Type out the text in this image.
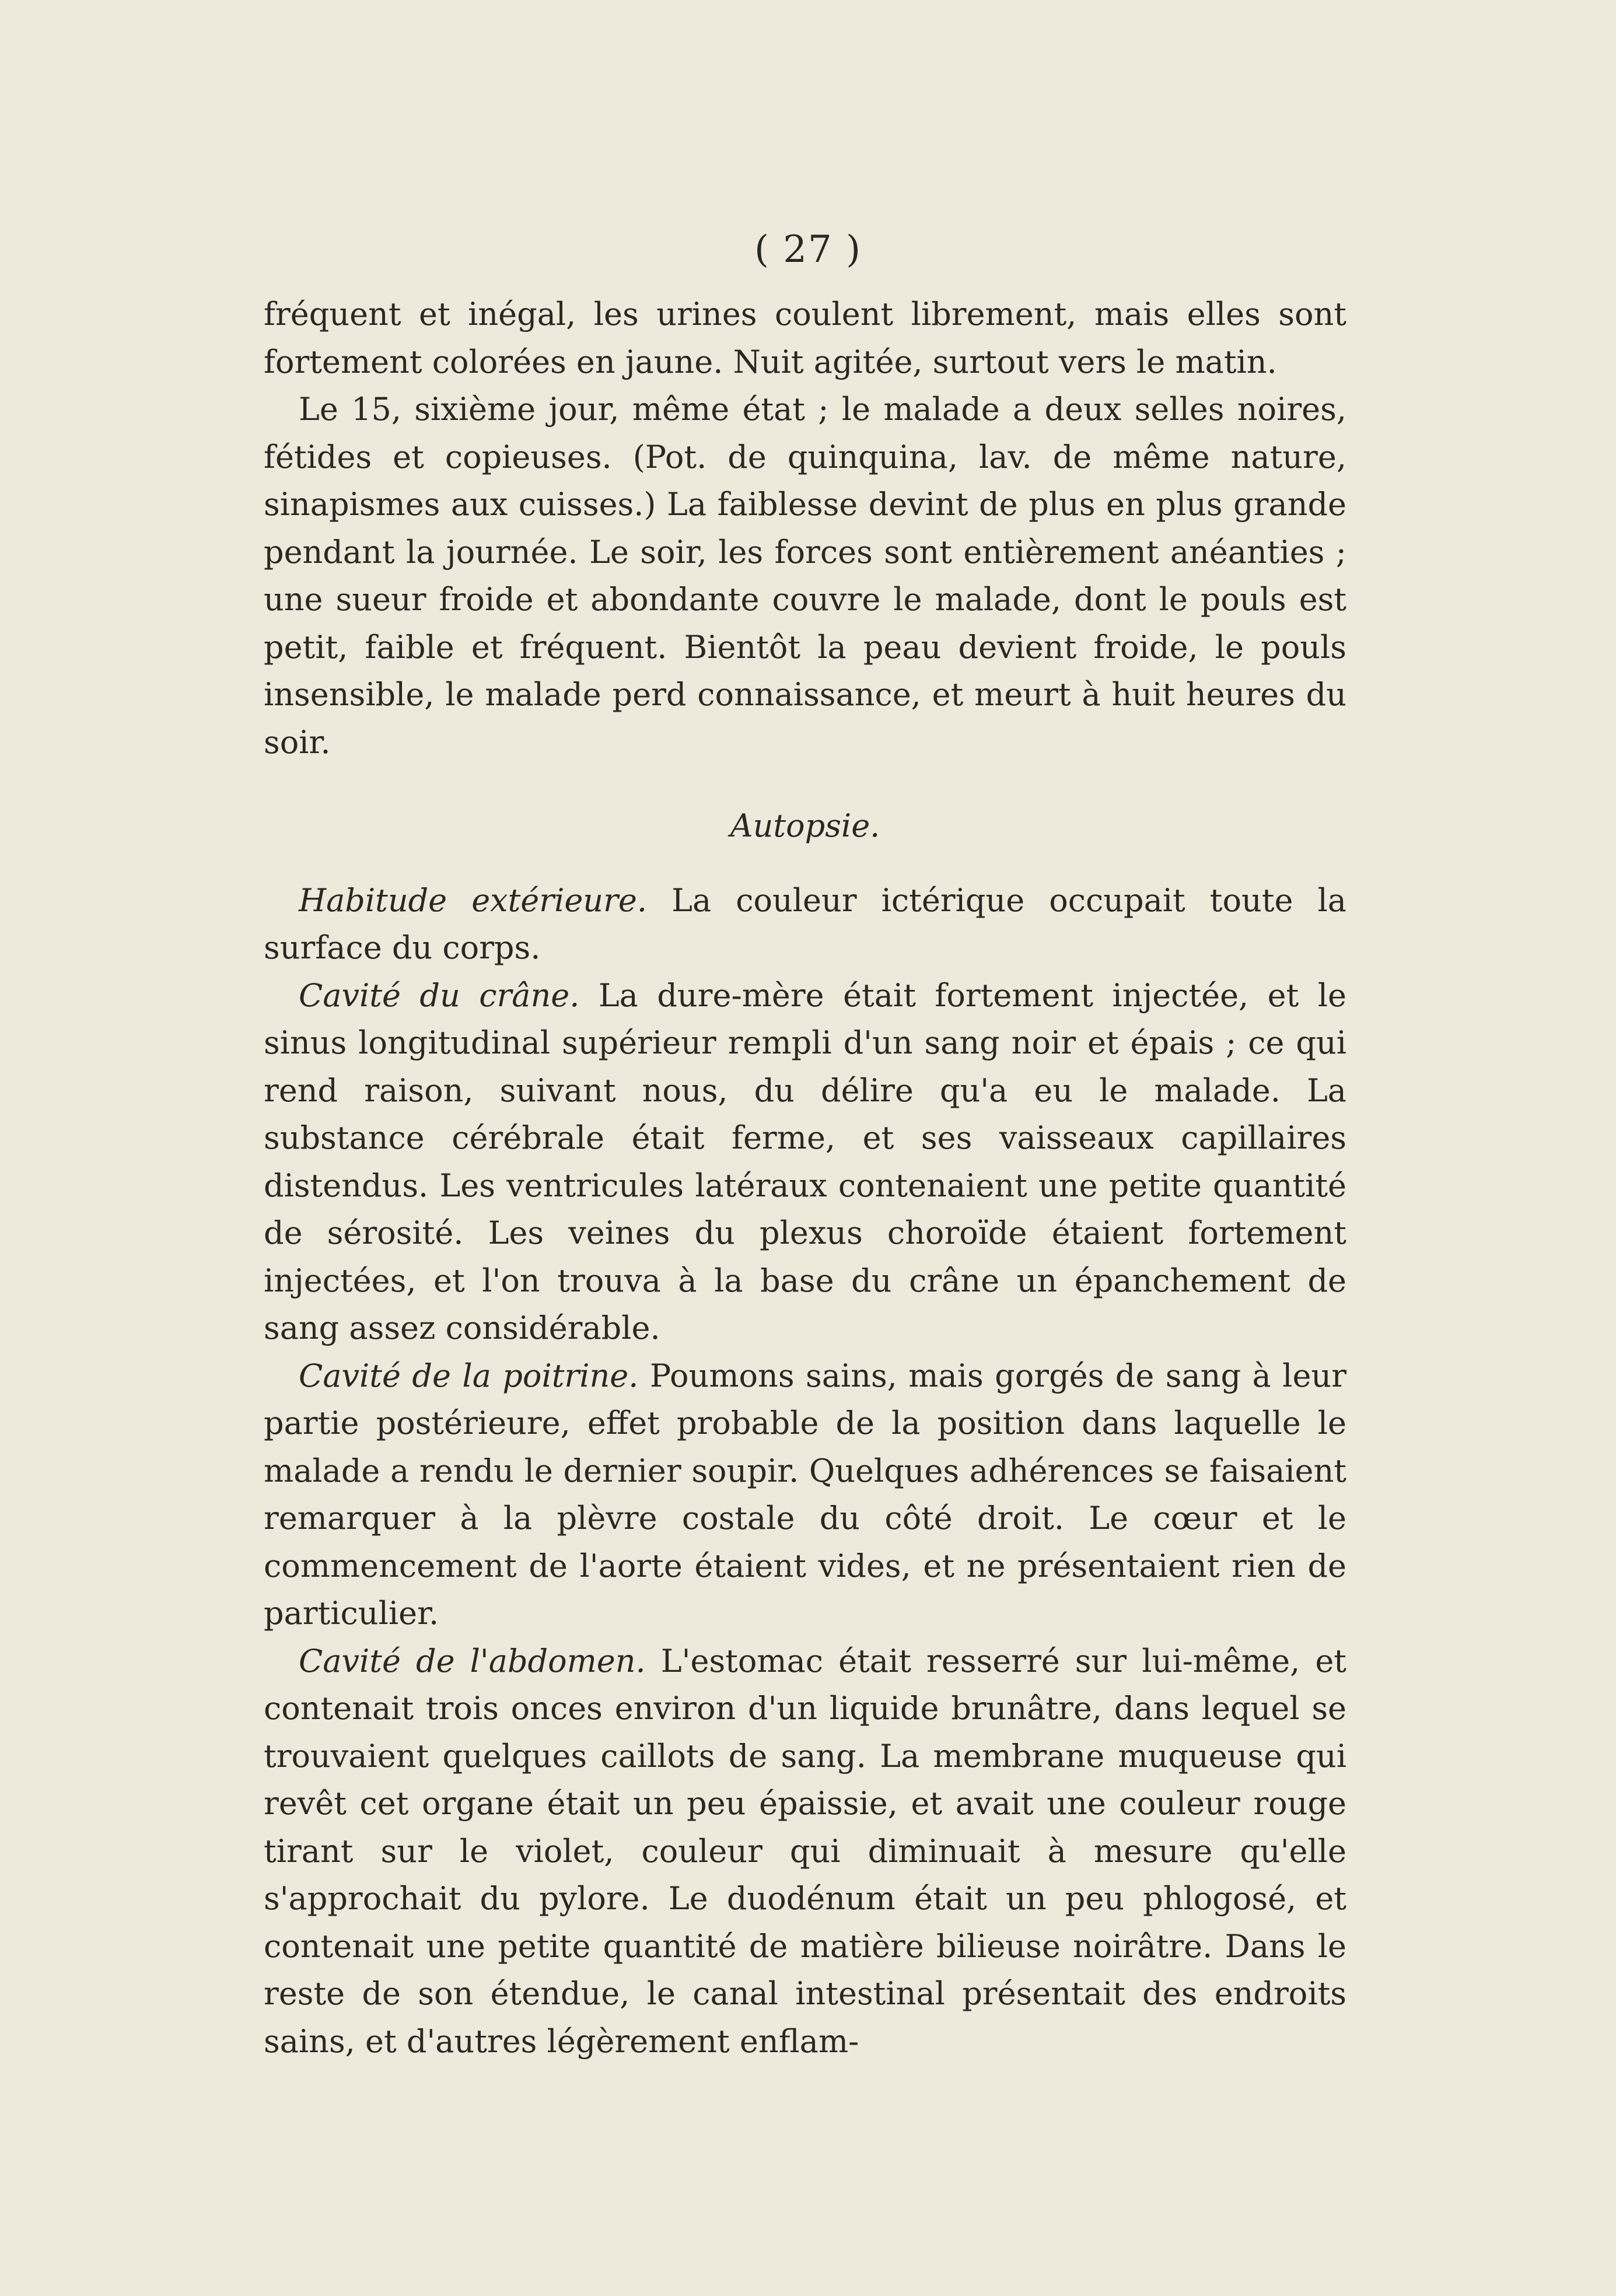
( 27 )

fréquent et inégal, les urines coulent librement, mais elles sont fortement colorées en jaune. Nuit agitée, surtout vers le matin.

Le 15, sixième jour, même état ; le malade a deux selles noires, fétides et copieuses. (Pot. de quinquina, lav. de même nature, sinapismes aux cuisses.) La faiblesse devint de plus en plus grande pendant la journée. Le soir, les forces sont entièrement anéanties ; une sueur froide et abondante couvre le malade, dont le pouls est petit, faible et fréquent. Bientôt la peau devient froide, le pouls insensible, le malade perd connaissance, et meurt à huit heures du soir.

Autopsie.

Habitude extérieure. La couleur ictérique occupait toute la surface du corps.

Cavité du crâne. La dure-mère était fortement injectée, et le sinus longitudinal supérieur rempli d'un sang noir et épais ; ce qui rend raison, suivant nous, du délire qu'a eu le malade. La substance cérébrale était ferme, et ses vaisseaux capillaires distendus. Les ventricules latéraux contenaient une petite quantité de sérosité. Les veines du plexus choroïde étaient fortement injectées, et l'on trouva à la base du crâne un épanchement de sang assez considérable.

Cavité de la poitrine. Poumons sains, mais gorgés de sang à leur partie postérieure, effet probable de la position dans laquelle le malade a rendu le dernier soupir. Quelques adhérences se faisaient remarquer à la plèvre costale du côté droit. Le cœur et le commencement de l'aorte étaient vides, et ne présentaient rien de particulier.

Cavité de l'abdomen. L'estomac était resserré sur lui-même, et contenait trois onces environ d'un liquide brunâtre, dans lequel se trouvaient quelques caillots de sang. La membrane muqueuse qui revêt cet organe était un peu épaissie, et avait une couleur rouge tirant sur le violet, couleur qui diminuait à mesure qu'elle s'approchait du pylore. Le duodénum était un peu phlogosé, et contenait une petite quantité de matière bilieuse noirâtre. Dans le reste de son étendue, le canal intestinal présentait des endroits sains, et d'autres légèrement enflam-
